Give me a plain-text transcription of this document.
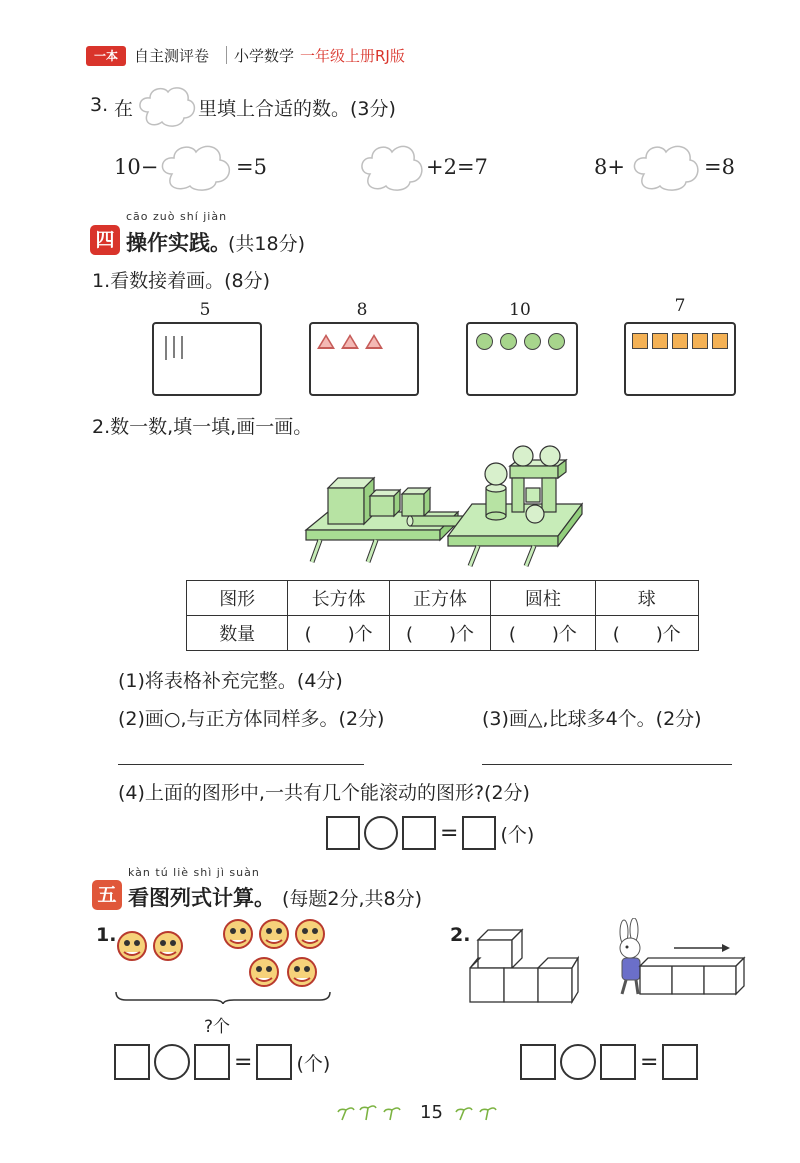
一本	自主测评卷 小学数学 一年级上册RJ版
3. 在	里填上合适的数。(3分)
10−	=5	+2=7	8+	=8
cāo zuò shí jiàn
四 操作实践。
(共18分)
1.看数接着画。(8分)
5	8	10	7
2.数一数,填一填,画一画。
图形	长方体	正方体	圆柱	球
数量	(　　)个	(　　)个	(　　)个	(　　)个
(1)将表格补充完整。(4分)
(2)画○,与正方体同样多。(2分)	(3)画△,比球多4个。(2分)
(4)上面的图形中,一共有几个能滚动的图形?(2分)
= (个)
kàn tú liè shì jì suàn
五 看图列式计算。 (每题2分,共8分)
1.
?个
= (个)
2.
=
15
